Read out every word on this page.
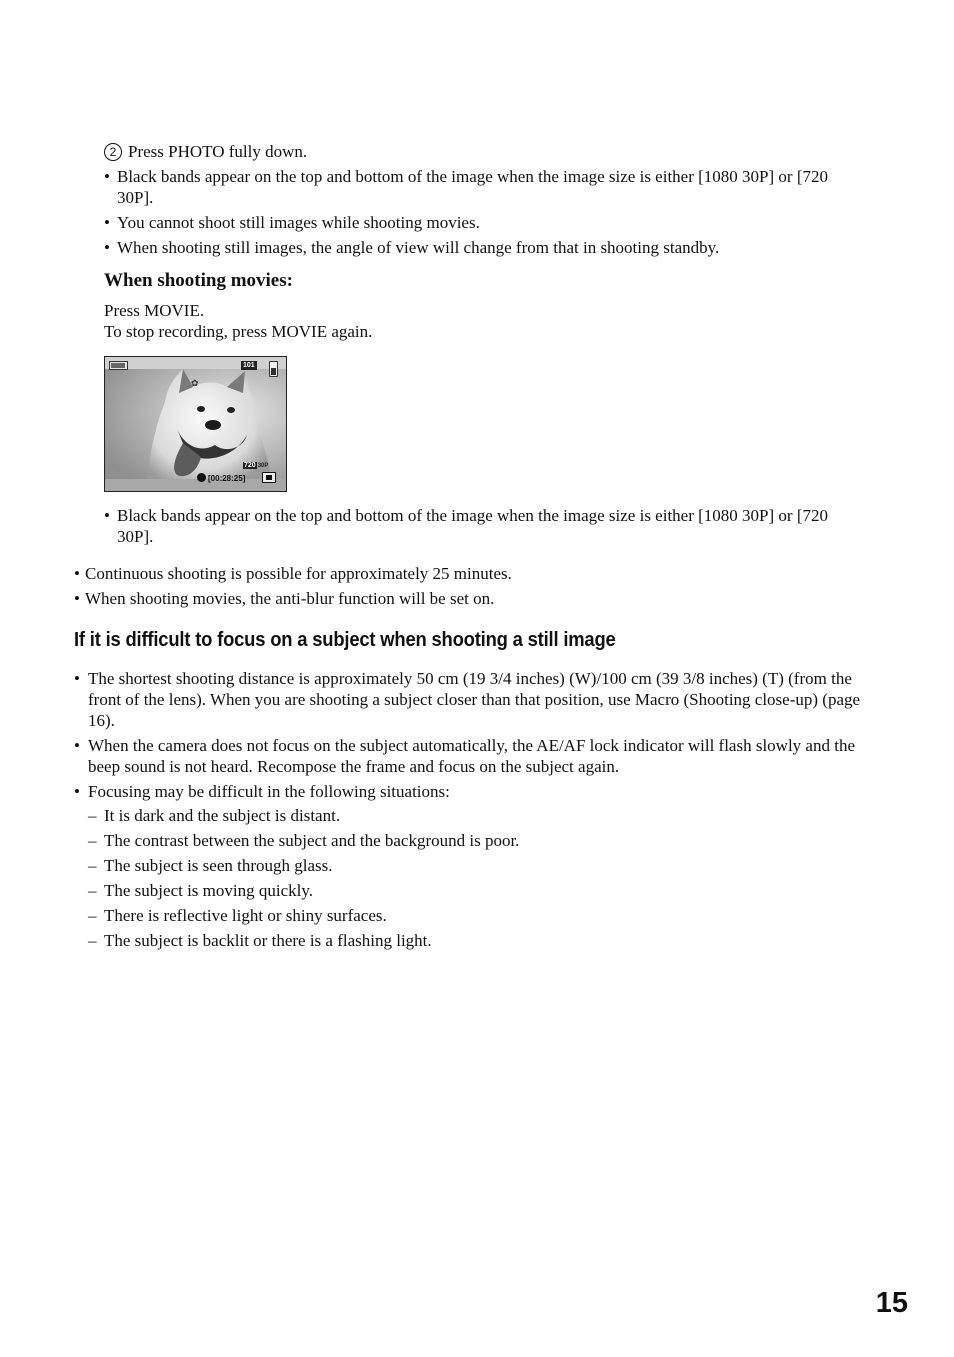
2 Press PHOTO fully down.
• Black bands appear on the top and bottom of the image when the image size is either [1080 30P] or [720 30P].
• You cannot shoot still images while shooting movies.
• When shooting still images, the angle of view will change from that in shooting standby.
When shooting movies:
Press MOVIE.
To stop recording, press MOVIE again.
101
✿
720 30P
[00:28:25]
• Black bands appear on the top and bottom of the image when the image size is either [1080 30P] or [720 30P].
• Continuous shooting is possible for approximately 25 minutes.
• When shooting movies, the anti-blur function will be set on.
If it is difficult to focus on a subject when shooting a still image
• The shortest shooting distance is approximately 50 cm (19 3/4 inches) (W)/100 cm (39 3/8 inches) (T) (from the front of the lens). When you are shooting a subject closer than that position, use Macro (Shooting close-up) (page 16).
• When the camera does not focus on the subject automatically, the AE/AF lock indicator will flash slowly and the beep sound is not heard. Recompose the frame and focus on the subject again.
• Focusing may be difficult in the following situations:
– It is dark and the subject is distant.
– The contrast between the subject and the background is poor.
– The subject is seen through glass.
– The subject is moving quickly.
– There is reflective light or shiny surfaces.
– The subject is backlit or there is a flashing light.
15
